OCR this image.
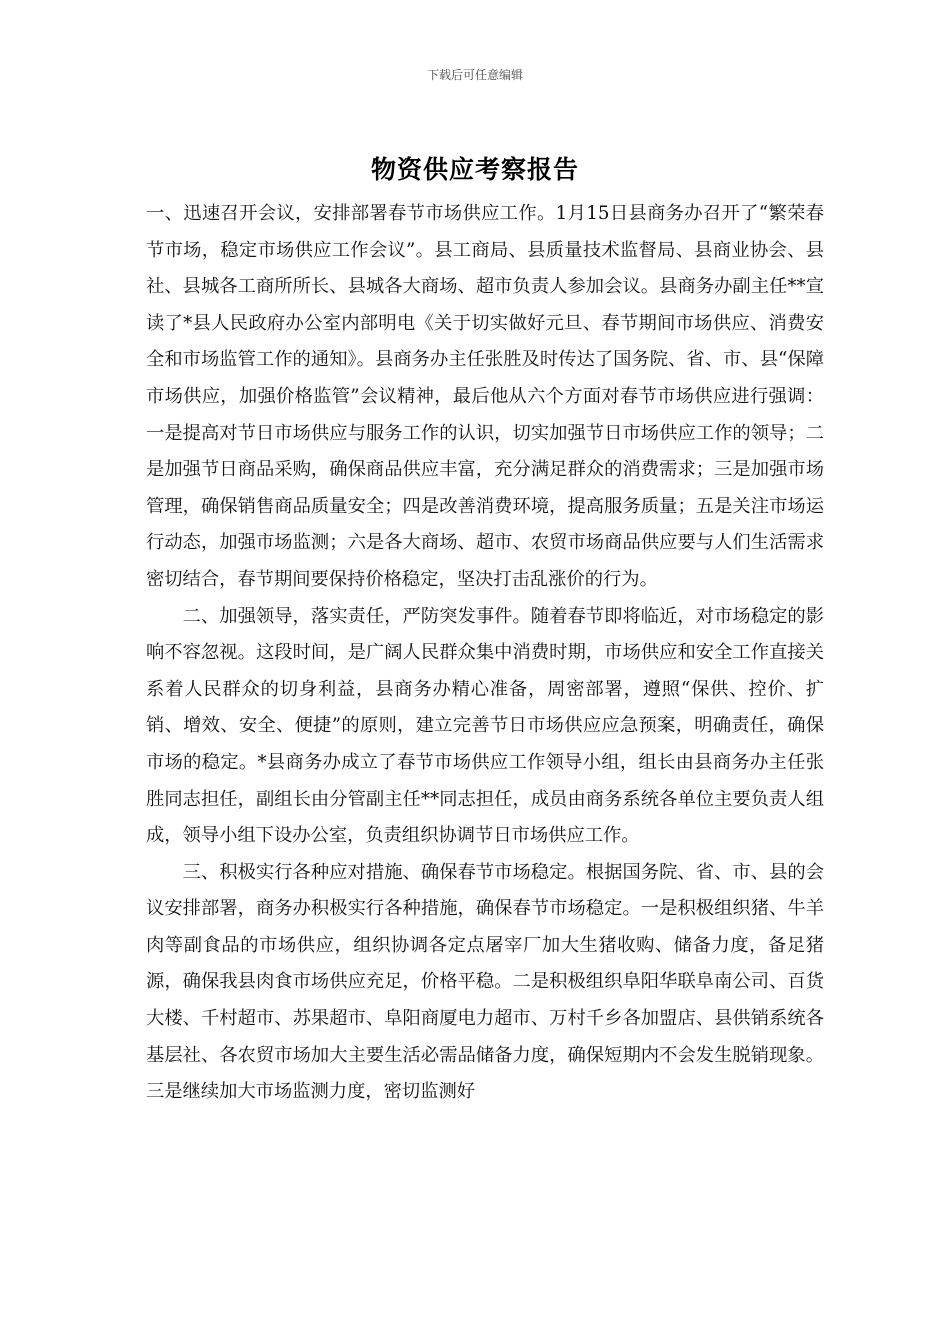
下载后可任意编辑
物资供应考察报告

一、迅速召开会议，安排部署春节市场供应工作。1月15日县商务办召开了“繁荣春节市场，稳定市场供应工作会议”。县工商局、县质量技术监督局、县商业协会、县社、县城各工商所所长、县城各大商场、超市负责人参加会议。县商务办副主任**宣读了*县人民政府办公室内部明电《关于切实做好元旦、春节期间市场供应、消费安全和市场监管工作的通知》。县商务办主任张胜及时传达了国务院、省、市、县“保障市场供应，加强价格监管”会议精神，最后他从六个方面对春节市场供应进行强调：一是提高对节日市场供应与服务工作的认识，切实加强节日市场供应工作的领导；二是加强节日商品采购，确保商品供应丰富，充分满足群众的消费需求；三是加强市场管理，确保销售商品质量安全；四是改善消费环境，提高服务质量；五是关注市场运行动态，加强市场监测；六是各大商场、超市、农贸市场商品供应要与人们生活需求密切结合，春节期间要保持价格稳定，坚决打击乱涨价的行为。

二、加强领导，落实责任，严防突发事件。随着春节即将临近，对市场稳定的影响不容忽视。这段时间，是广阔人民群众集中消费时期，市场供应和安全工作直接关系着人民群众的切身利益，县商务办精心准备，周密部署，遵照“保供、控价、扩销、增效、安全、便捷”的原则，建立完善节日市场供应应急预案，明确责任，确保市场的稳定。*县商务办成立了春节市场供应工作领导小组，组长由县商务办主任张胜同志担任，副组长由分管副主任**同志担任，成员由商务系统各单位主要负责人组成，领导小组下设办公室，负责组织协调节日市场供应工作。

三、积极实行各种应对措施、确保春节市场稳定。根据国务院、省、市、县的会议安排部署，商务办积极实行各种措施，确保春节市场稳定。一是积极组织猪、牛羊肉等副食品的市场供应，组织协调各定点屠宰厂加大生猪收购、储备力度，备足猪源，确保我县肉食市场供应充足，价格平稳。二是积极组织阜阳华联阜南公司、百货大楼、千村超市、苏果超市、阜阳商厦电力超市、万村千乡各加盟店、县供销系统各基层社、各农贸市场加大主要生活必需品储备力度，确保短期内不会发生脱销现象。三是继续加大市场监测力度，密切监测好
